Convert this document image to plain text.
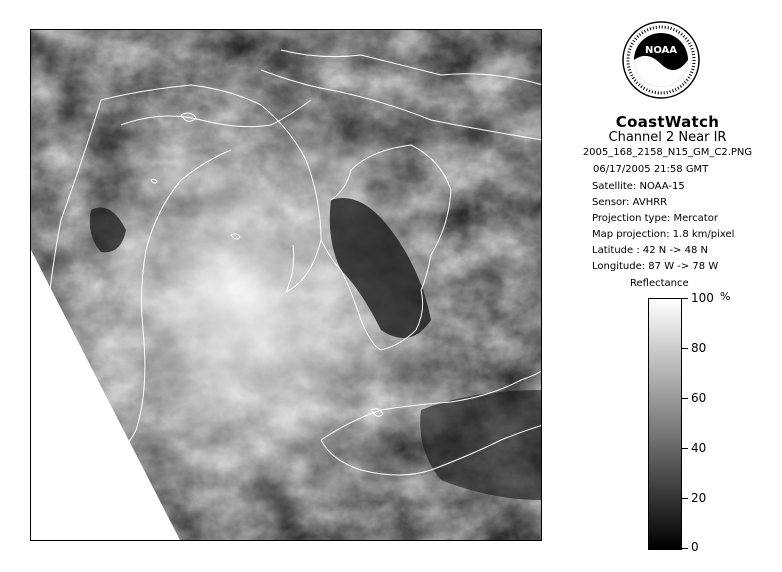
NOAA
CoastWatch
Channel 2 Near IR
2005_168_2158_N15_GM_C2.PNG
06/17/2005 21:58 GMT
Satellite: NOAA-15
Sensor: AVHRR
Projection type: Mercator
Map projection: 1.8 km/pixel
Latitude : 42 N -> 48 N
Longitude: 87 W -> 78 W
Reflectance
%
100
80
60
40
20
0
